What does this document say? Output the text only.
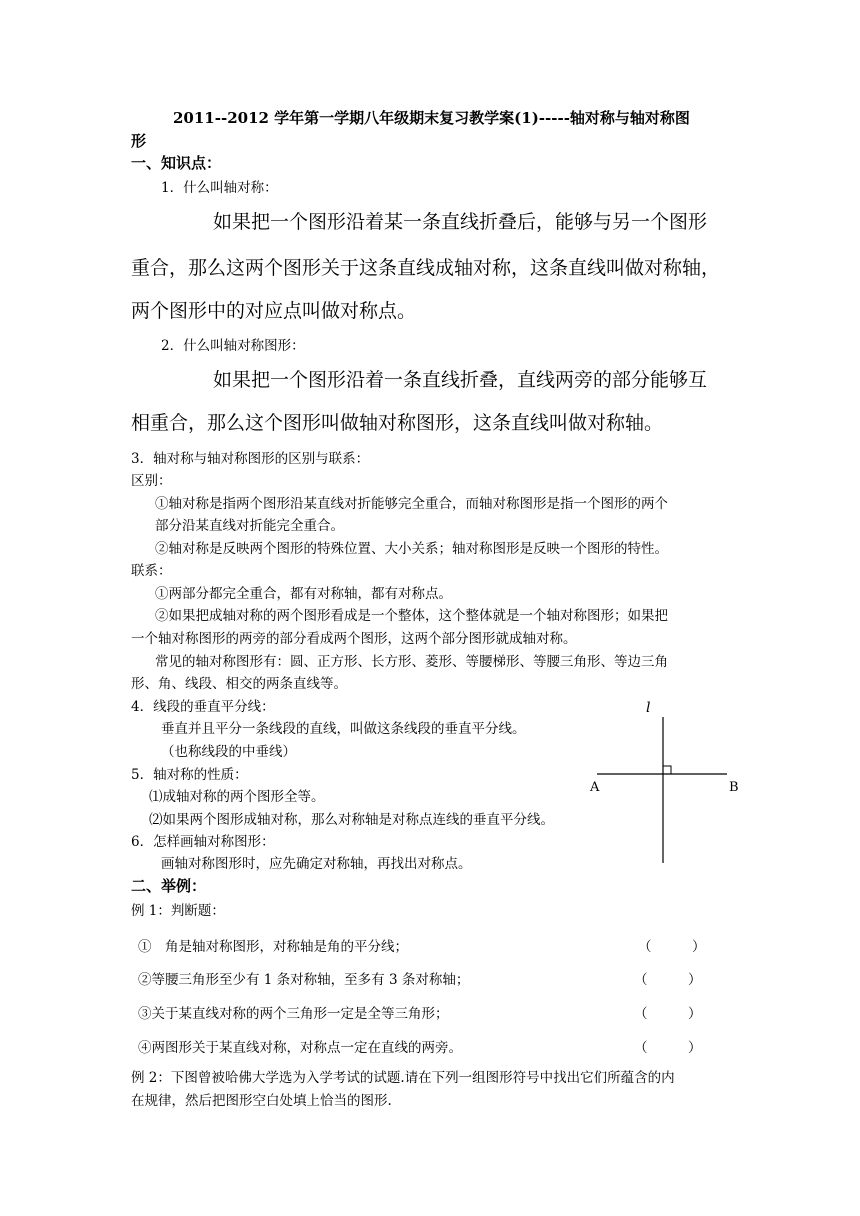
2011--2012 学年第一学期八年级期末复习教学案(1)-----轴对称与轴对称图
形
一、知识点：
1．什么叫轴对称：
如果把一个图形沿着某一条直线折叠后，能够与另一个图形
重合，那么这两个图形关于这条直线成轴对称，这条直线叫做对称轴，
两个图形中的对应点叫做对称点。
2．什么叫轴对称图形：
如果把一个图形沿着一条直线折叠，直线两旁的部分能够互
相重合，那么这个图形叫做轴对称图形，这条直线叫做对称轴。
3．轴对称与轴对称图形的区别与联系：
区别：
①轴对称是指两个图形沿某直线对折能够完全重合，而轴对称图形是指一个图形的两个
部分沿某直线对折能完全重合。
②轴对称是反映两个图形的特殊位置、大小关系；轴对称图形是反映一个图形的特性。
联系：
①两部分都完全重合，都有对称轴，都有对称点。
②如果把成轴对称的两个图形看成是一个整体，这个整体就是一个轴对称图形；如果把
一个轴对称图形的两旁的部分看成两个图形，这两个部分图形就成轴对称。
常见的轴对称图形有：圆、正方形、长方形、菱形、等腰梯形、等腰三角形、等边三角
形、角、线段、相交的两条直线等。
4．线段的垂直平分线：
垂直并且平分一条线段的直线，叫做这条线段的垂直平分线。
（也称线段的中垂线）
5．轴对称的性质：
⑴成轴对称的两个图形全等。
⑵如果两个图形成轴对称，那么对称轴是对称点连线的垂直平分线。
6．怎样画轴对称图形：
画轴对称图形时，应先确定对称轴，再找出对称点。
l
A	B
二、举例：
例 1：判断题：
①　角是轴对称图形，对称轴是角的平分线；	（　　　）
②等腰三角形至少有 1 条对称轴，至多有 3 条对称轴；	（　　　）
③关于某直线对称的两个三角形一定是全等三角形；	（　　　）
④两图形关于某直线对称，对称点一定在直线的两旁。	（　　　）
例 2：下图曾被哈佛大学选为入学考试的试题.请在下列一组图形符号中找出它们所蕴含的内
在规律，然后把图形空白处填上恰当的图形.
